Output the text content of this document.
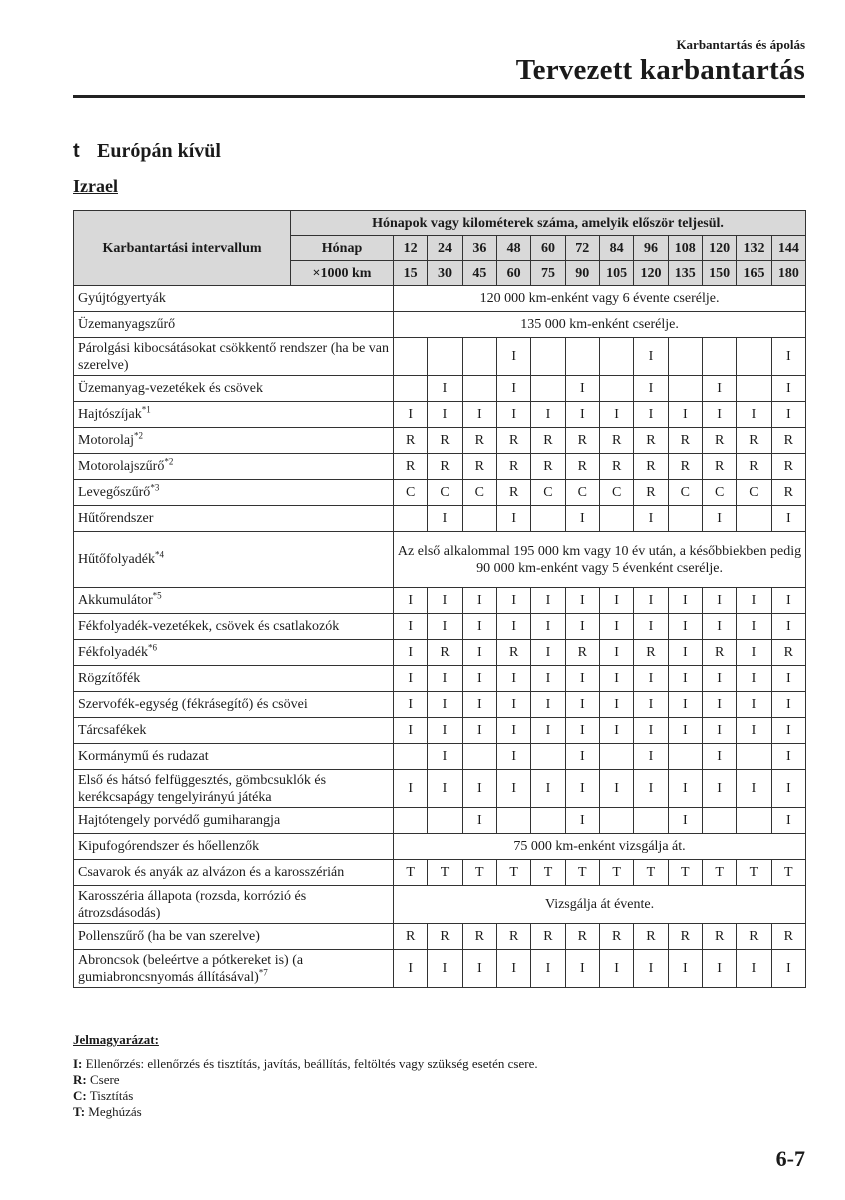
Karbantartás és ápolás
Tervezett karbantartás
t Európán kívül
Izrael
Karbantartási intervallum	Hónapok vagy kilométerek száma, amelyik először teljesül.												
	Hónap	12	24	36	48	60	72	84	96	108	120	132	144
	×1000 km	15	30	45	60	75	90	105	120	135	150	165	180
Gyújtógyertyák		120 000 km-enként vagy 6 évente cserélje.											
Üzemanyagszűrő		135 000 km-enként cserélje.											
Párolgási kibocsátásokat csökkentő rendszer (ha be van szerelve)					I				I				I
Üzemanyag-vezetékek és csövek			I		I		I		I		I		I
Hajtószíjak$^{*1}$		I	I	I	I	I	I	I	I	I	I	I	I
Motorolaj$^{*2}$		R	R	R	R	R	R	R	R	R	R	R	R
Motorolajszűrő$^{*2}$		R	R	R	R	R	R	R	R	R	R	R	R
Levegőszűrő$^{*3}$		C	C	C	R	C	C	C	R	C	C	C	R
Hűtőrendszer			I		I		I		I		I		I
Hűtőfolyadék$^{*4}$		Az első alkalommal 195 000 km vagy 10 év után, a későbbiekben pedig 90 000 km-enként vagy 5 évenként cserélje.											
Akkumulátor$^{*5}$		I	I	I	I	I	I	I	I	I	I	I	I
Fékfolyadék-vezetékek, csövek és csatlakozók		I	I	I	I	I	I	I	I	I	I	I	I
Fékfolyadék$^{*6}$		I	R	I	R	I	R	I	R	I	R	I	R
Rögzítőfék		I	I	I	I	I	I	I	I	I	I	I	I
Szervofék-egység (fékrásegítő) és csövei		I	I	I	I	I	I	I	I	I	I	I	I
Tárcsafékek		I	I	I	I	I	I	I	I	I	I	I	I
Kormánymű és rudazat			I		I		I		I		I		I
Első és hátsó felfüggesztés, gömbcsuklók és kerékcsapágy tengelyirányú játéka		I	I	I	I	I	I	I	I	I	I	I	I
Hajtótengely porvédő gumiharangja				I			I			I			I
Kipufogórendszer és hőellenzők		75 000 km-enként vizsgálja át.											
Csavarok és anyák az alvázon és a karosszérián		T	T	T	T	T	T	T	T	T	T	T	T
Karosszéria állapota (rozsda, korrózió és átrozsdásodás)		Vizsgálja át évente.											
Pollenszűrő (ha be van szerelve)		R	R	R	R	R	R	R	R	R	R	R	R
Abroncsok (beleértve a pótkereket is) (a gumiabroncsnyomás állításával)$^{*7}$		I	I	I	I	I	I	I	I	I	I	I	I
Jelmagyarázat:
I: Ellenőrzés: ellenőrzés és tisztítás, javítás, beállítás, feltöltés vagy szükség esetén csere.
R: Csere
C: Tisztítás
T: Meghúzás
6-7
